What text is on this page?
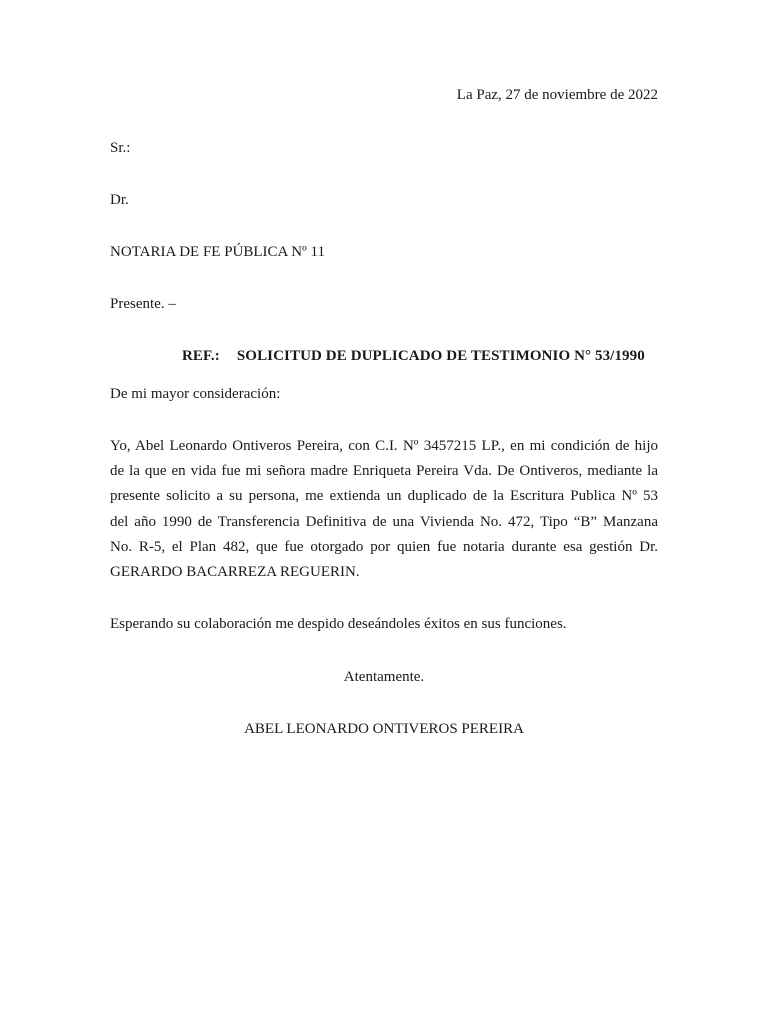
La Paz, 27 de noviembre de 2022
Sr.:
Dr.
NOTARIA DE FE PÚBLICA Nº 11
Presente. –
REF.: SOLICITUD DE DUPLICADO DE TESTIMONIO N° 53/1990
De mi mayor consideración:
Yo, Abel Leonardo Ontiveros Pereira, con C.I. Nº 3457215 LP., en mi condición de hijo
de la que en vida fue mi señora madre Enriqueta Pereira Vda. De Ontiveros, mediante la
presente solicito a su persona, me extienda un duplicado de la Escritura Publica Nº 53
del año 1990 de Transferencia Definitiva de una Vivienda No. 472, Tipo “B” Manzana
No. R-5, el Plan 482, que fue otorgado por quien fue notaria durante esa gestión Dr.
GERARDO BACARREZA REGUERIN.
Esperando su colaboración me despido deseándoles éxitos en sus funciones.
Atentamente.
ABEL LEONARDO ONTIVEROS PEREIRA
